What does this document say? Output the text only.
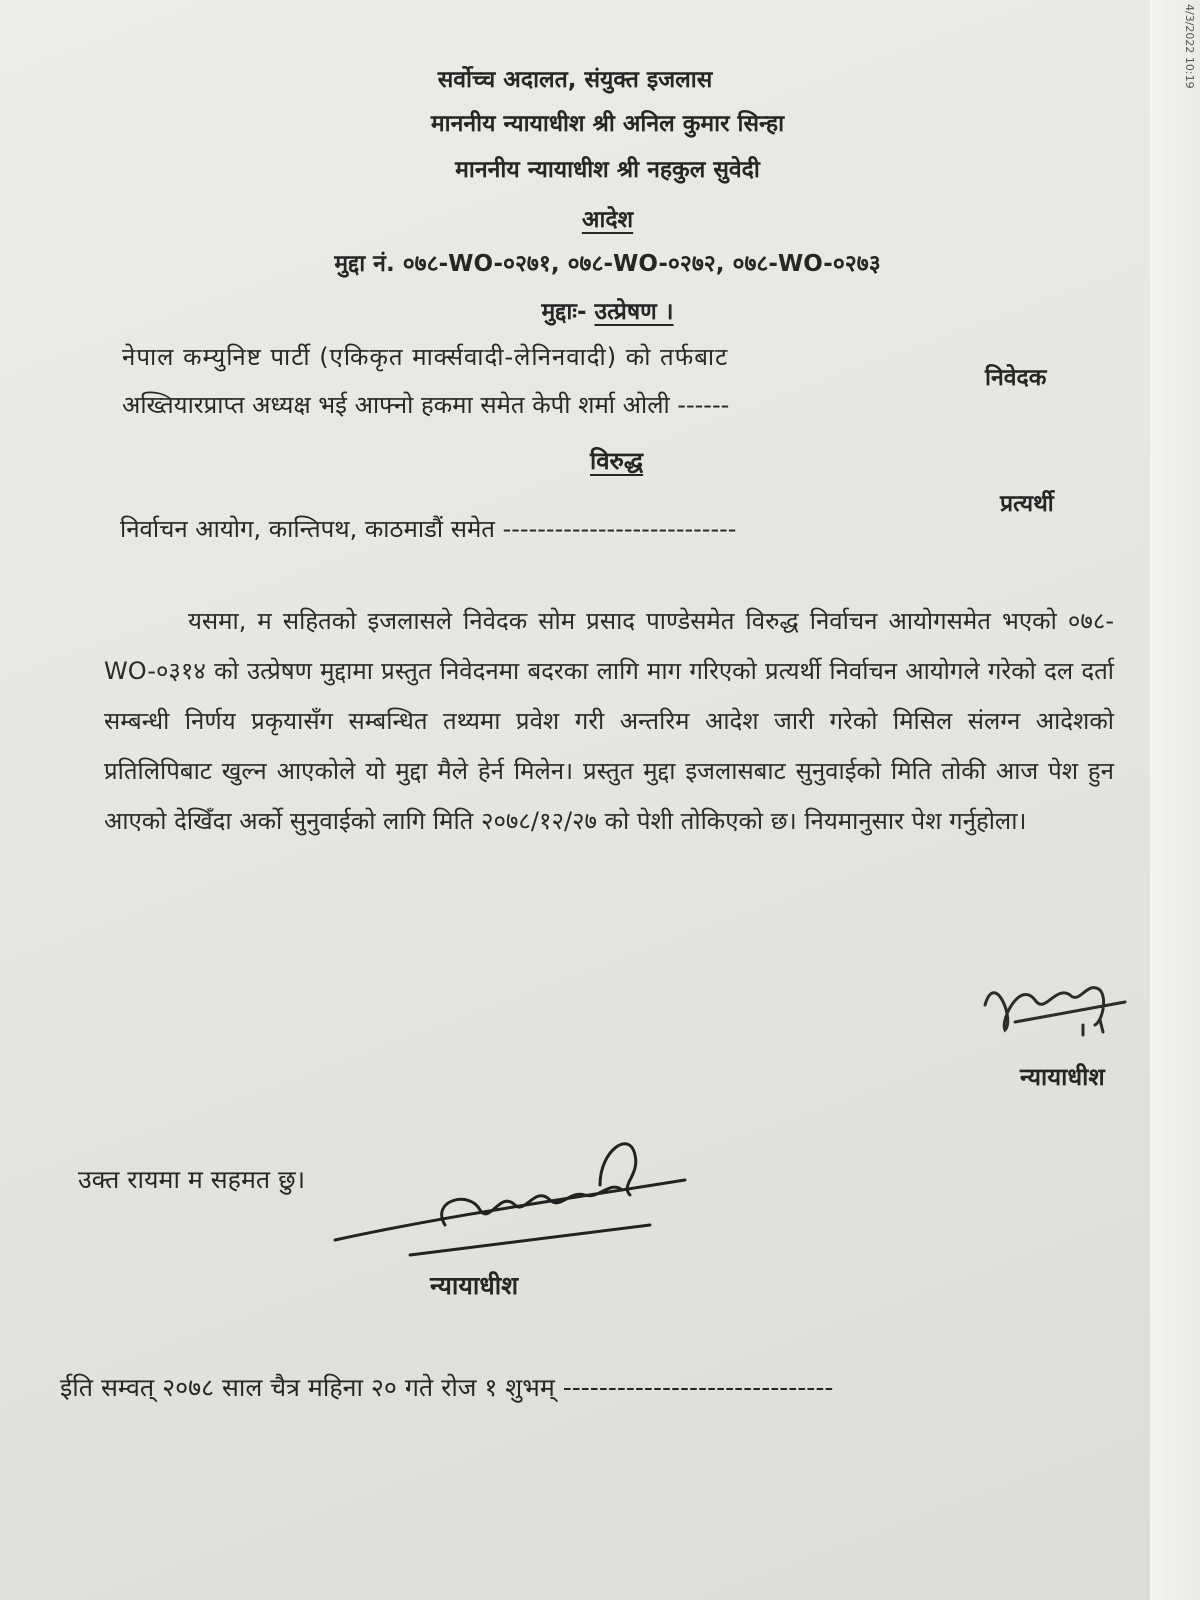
4/3/2022 10:19
सर्वोच्च अदालत, संयुक्त इजलास
माननीय न्यायाधीश श्री अनिल कुमार सिन्हा
माननीय न्यायाधीश श्री नहकुल सुवेदी
आदेश
मुद्दा नं. ०७८-WO-०२७१, ०७८-WO-०२७२, ०७८-WO-०२७३
मुद्दाः- उत्प्रेषण ।
नेपाल कम्युनिष्ट पार्टी (एकिकृत मार्क्सवादी-लेनिनवादी) को तर्फबाट
अख्तियारप्राप्त अध्यक्ष भई आफ्नो हकमा समेत केपी शर्मा ओली ------
निवेदक
विरुद्ध
प्रत्यर्थी
निर्वाचन आयोग, कान्तिपथ, काठमाडौं समेत ---------------------------
यसमा, म सहितको इजलासले निवेदक सोम प्रसाद पाण्डेसमेत विरुद्ध निर्वाचन आयोगसमेत भएको ०७८-WO-०३१४ को उत्प्रेषण मुद्दामा प्रस्तुत निवेदनमा बदरका लागि माग गरिएको प्रत्यर्थी निर्वाचन आयोगले गरेको दल दर्ता सम्बन्धी निर्णय प्रकृयासँग सम्बन्धित तथ्यमा प्रवेश गरी अन्तरिम आदेश जारी गरेको मिसिल संलग्न आदेशको प्रतिलिपिबाट खुल्न आएकोले यो मुद्दा मैले हेर्न मिलेन। प्रस्तुत मुद्दा इजलासबाट सुनुवाईको मिति तोकी आज पेश हुन आएको देखिँदा अर्को सुनुवाईको लागि मिति २०७८/१२/२७ को पेशी तोकिएको छ। नियमानुसार पेश गर्नुहोला।
न्यायाधीश
उक्त रायमा म सहमत छु।
न्यायाधीश
ईति सम्वत् २०७८ साल चैत्र महिना २० गते रोज १ शुभम् ------------------------------
